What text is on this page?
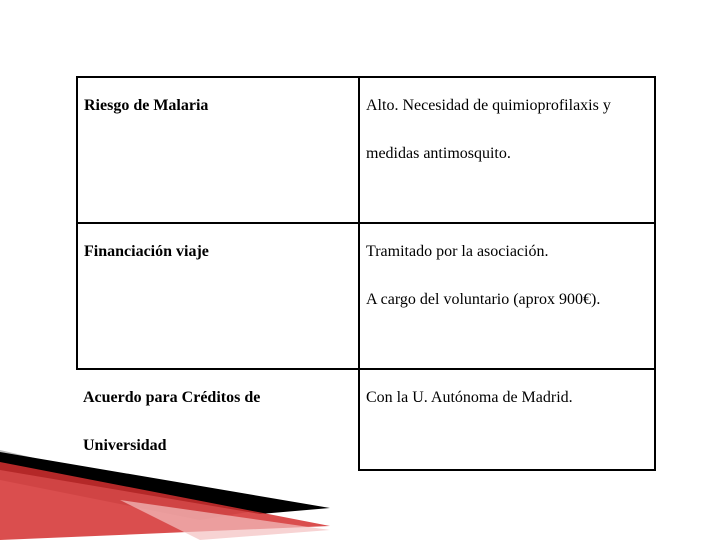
Riesgo de Malaria	Alto. Necesidad de quimioprofilaxis y
medidas antimosquito.

Financiación viaje	Tramitado por la asociación.
A cargo del voluntario (aprox 900€).

Acuerdo para Créditos de
Universidad	Con la U. Autónoma de Madrid.
